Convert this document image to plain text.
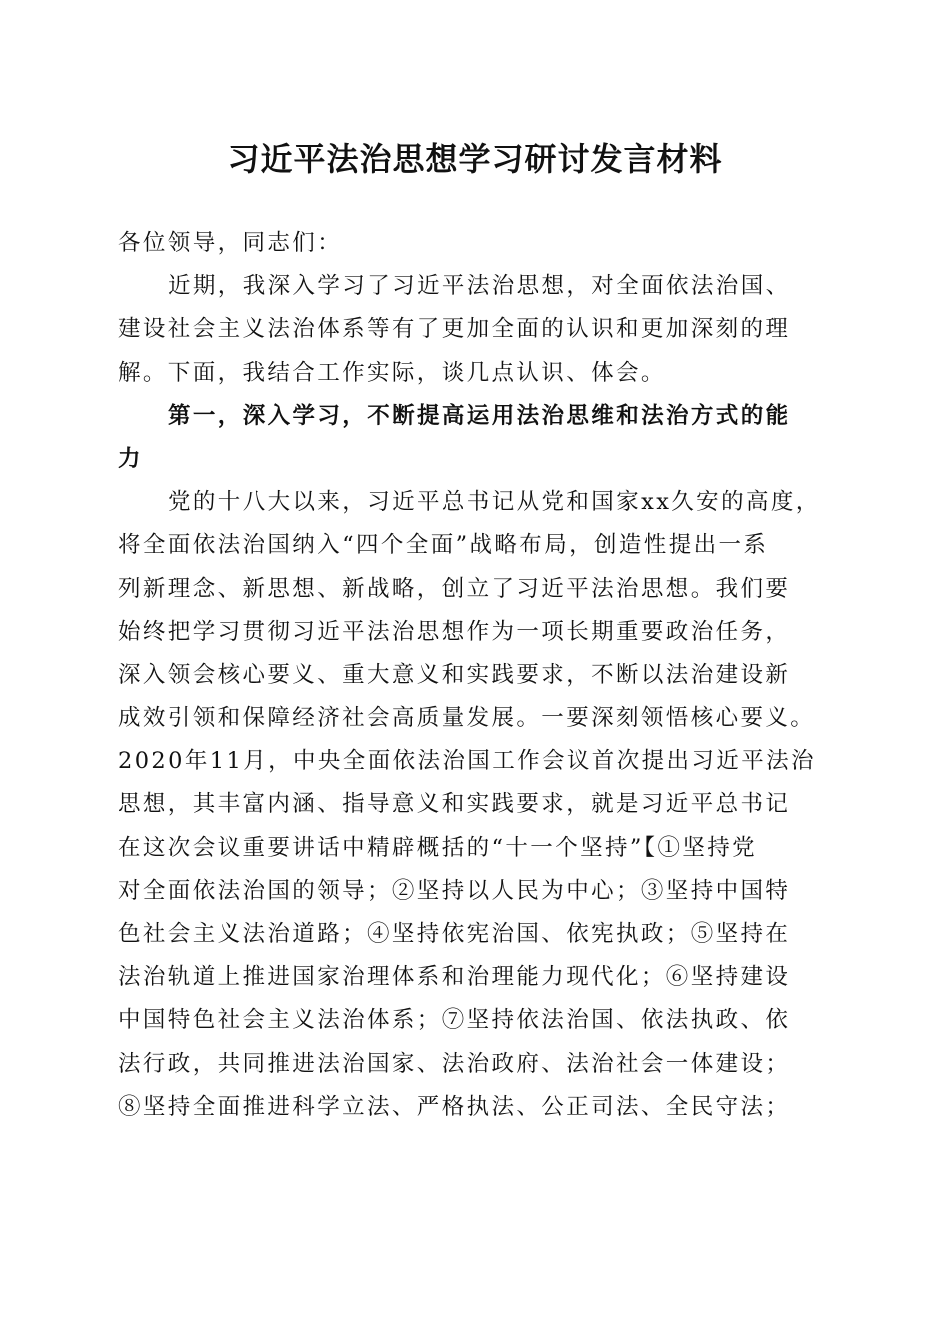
习近平法治思想学习研讨发言材料
各位领导，同志们：
近期，我深入学习了习近平法治思想，对全面依法治国、
建设社会主义法治体系等有了更加全面的认识和更加深刻的理
解。下面，我结合工作实际，谈几点认识、体会。
第一，深入学习，不断提高运用法治思维和法治方式的能
力
党的十八大以来，习近平总书记从党和国家xx久安的高度，
将全面依法治国纳入“四个全面”战略布局，创造性提出一系
列新理念、新思想、新战略，创立了习近平法治思想。我们要
始终把学习贯彻习近平法治思想作为一项长期重要政治任务，
深入领会核心要义、重大意义和实践要求，不断以法治建设新
成效引领和保障经济社会高质量发展。一要深刻领悟核心要义。
2020年11月，中央全面依法治国工作会议首次提出习近平法治
思想，其丰富内涵、指导意义和实践要求，就是习近平总书记
在这次会议重要讲话中精辟概括的“十一个坚持”【①坚持党
对全面依法治国的领导；②坚持以人民为中心；③坚持中国特
色社会主义法治道路；④坚持依宪治国、依宪执政；⑤坚持在
法治轨道上推进国家治理体系和治理能力现代化；⑥坚持建设
中国特色社会主义法治体系；⑦坚持依法治国、依法执政、依
法行政，共同推进法治国家、法治政府、法治社会一体建设；
⑧坚持全面推进科学立法、严格执法、公正司法、全民守法；
